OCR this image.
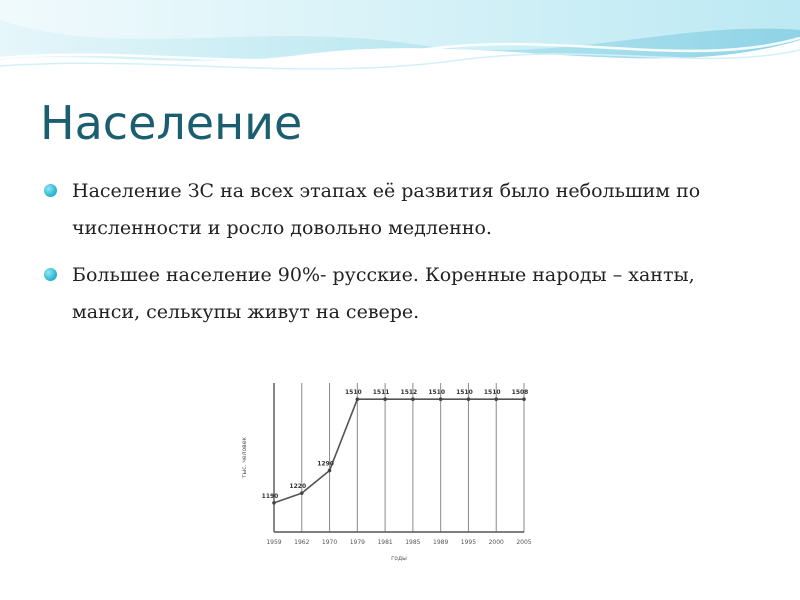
Население
Население ЗС на всех этапах её развития было небольшим по численности и росло довольно медленно.
Большее население 90%- русские. Коренные народы – ханты, манси, селькупы живут на севере.
1190
1220
1290
1510 1511 1512 1510 1510 1510 1508
1959 1962 1970 1979 1981 1985 1989 1995 2000 2005
годы
тыс. человек
